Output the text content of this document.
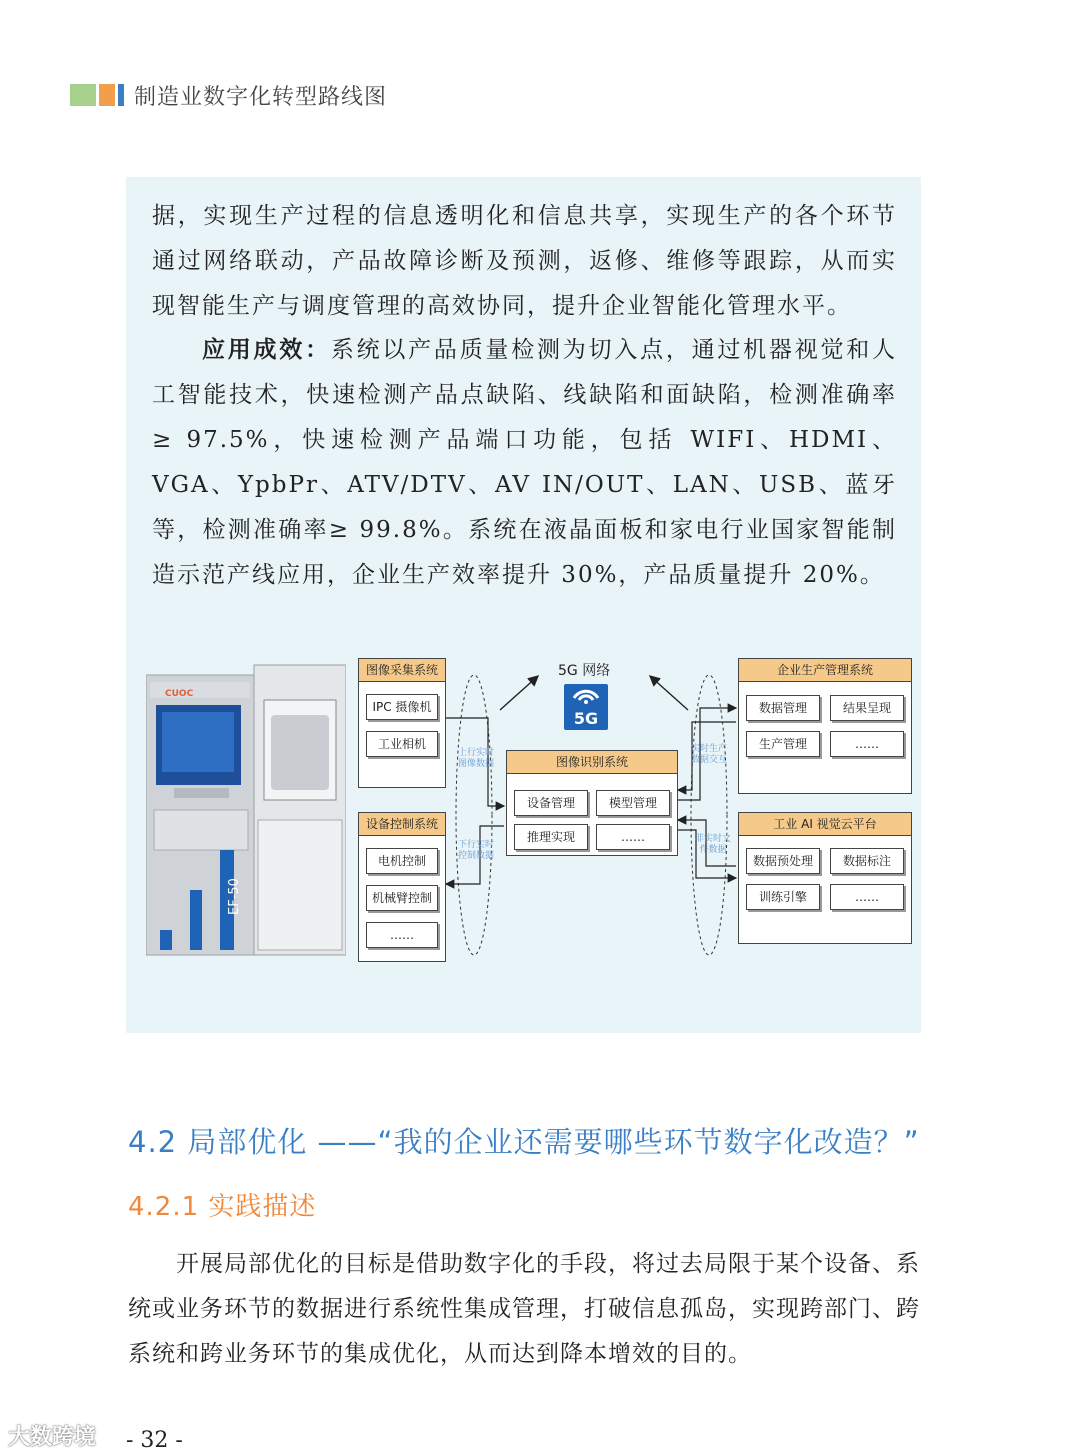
制造业数字化转型路线图

据，实现生产过程的信息透明化和信息共享，实现生产的各个环节通过网络联动，产品故障诊断及预测，返修、维修等跟踪，从而实现智能生产与调度管理的高效协同，提升企业智能化管理水平。

应用成效：系统以产品质量检测为切入点，通过机器视觉和人工智能技术，快速检测产品点缺陷、线缺陷和面缺陷，检测准确率≥ 97.5%，快速检测产品端口功能，包括 WIFI、HDMI、VGA、YpbPr、ATV/DTV、AV IN/OUT、LAN、USB、蓝牙等，检测准确率≥ 99.8%。系统在液晶面板和家电行业国家智能制造示范产线应用，企业生产效率提升 30%，产品质量提升 20%。

CUOC
EF-50
图像采集系统
IPC 摄像机
工业相机
设备控制系统
电机控制
机械臂控制
……
5G 网络
5G
图像识别系统
设备管理	模型管理
推理实现	……
企业生产管理系统
数据管理	结果呈现
生产管理	……
工业 AI 视觉云平台
数据预处理	数据标注
训练引擎	……
上行实时
图像数据
下行实时
控制数据
实时生产
数据交互
非实时文
件数据
4.2 局部优化 ——“我的企业还需要哪些环节数字化改造？”
4.2.1 实践描述

开展局部优化的目标是借助数字化的手段，将过去局限于某个设备、系统或业务环节的数据进行系统性集成管理，打破信息孤岛，实现跨部门、跨系统和跨业务环节的集成优化，从而达到降本增效的目的。

- 32 -
大数跨境
